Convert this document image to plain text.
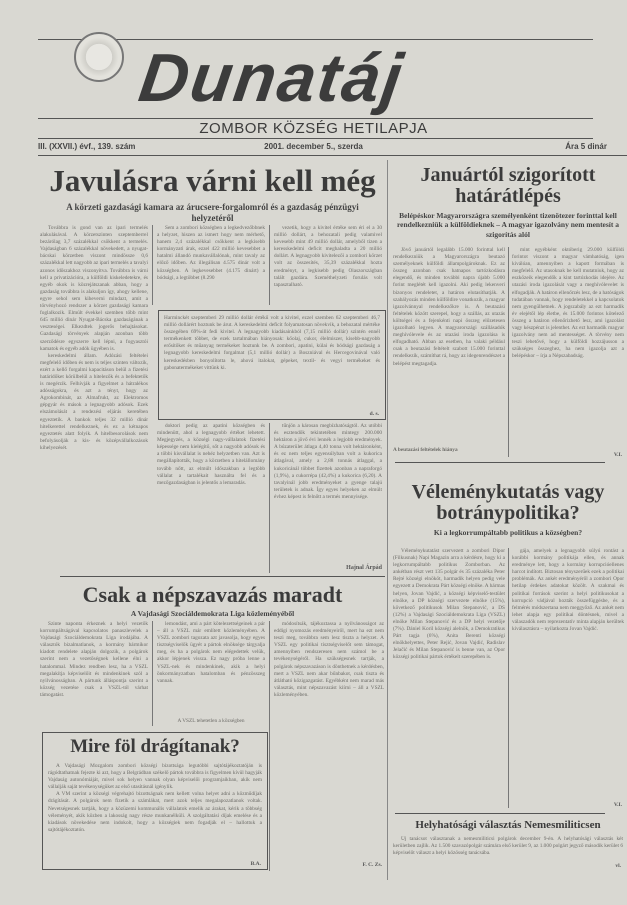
Dunatáj
ZOMBOR KÖZSÉG HETILAPJA
III. (XXVII.) évf., 139. szám	2001. december 5., szerda	Ára 5 dinár
Javulásra várni kell még
A körzeti gazdasági kamara az árucsere-forgalomról és a gazdaság pénzügyi helyzetéről

Továbbra is gond van az ipari termelés alakulásával. A körzetszinten szeptemberrel bezárólag 3,7 százalékkal csökkent a termelés. Vajdaságban 6 százalékkal növekedett, a nyugat-bácskai körzetben viszont mindössze 0,6 százalékkal lett nagyobb az ipari termelés a tavalyi azonos időszakhoz viszonyítva. Továbbra is várni kell a privatizációra, a külföldi kiskeledetekre, és egyéb okok is közrejátszanak abban, hogy a gazdaság továbbra is alakuljon így, ahogy kellene, egyre sehol sem kiheverni mindazt, amit a törvényhozó rendszer a körzet gazdasági kamara foglalkozik. Elmúlt évekkel szemben több mint 645 millió dinár Nyugat-Bácska gazdaságának a veszteségei. Elkezdtek jogerős behajtásokat. Gazdasági törvények alapján azonban több szerződésre egyszerre kell lépni, a fogyasztói kamatok és egyéb adók ügyében is.

kereskedelmi állam. Adózási feltételei megfelelő időben és nem is teljes szinten változik, ezért a kellő forgalmi kapacitáson belül a fizetési határidőket körülbelül a hitelezők és a befektetők is megérzik. Felhívják a figyelmet a hátralékos adósságokra, és azt a tényt, hogy az Agrokombinát, az Almafrukt, az Elektromos gépgyár és mások a legnagyobb adósok. Ezek elszámolását a rendezési eljárás keretében egyeztetik. A bankok teljes 32 millió dinár hitelkerettel rendelkeznek, és ez a kétnapos egyeztetés alatt folyik. A hitelbesorolások nem befolyásolják a kis- és középvállalkozások kihelyezését.

Sem a zombori községben a legkedvezőbbnek a helyzet, hiszen az ismert hogy nem mérhető, hanem 2,4 százalékkal csökkent a legkisebb kormányzati árak, ezzel 422 millió kevesebbet a hatalmi állandó munkavállalónak, mint tavaly az előző időben. Az illegálisan 4.575 dinár volt a községben. A legkevesebbet (4.175 dinárt) a bódsági, a legtöbbet (8.290

vezetik, hogy a kivitel értéke sem éri el a 30 millió dollárt, a behozatali pedig valamivel kevesebb mint 49 millió dollár, amelyből tizen a keresskedelmi deficit meghaladta a 20 millió dollárt. A legnagyobb kivitelezői a zombori körzet volt az összesítés, 35,39 százalékkal hozta eredményt, a legkisebb pedig Olaszországban talált gazdára. Szeméthelyzeti forulás volt tapasztalható.

Harminckét szeptemberi 29 millió dollár értékű volt a kivitel, ezzel szemben 62 szeptemberi 46,7 millió dollárért hoztunk be árut. A kereskedelmi deficit folyamatosan növekvik, a behozatal mértéke összegében 69%-át fedi kivitel. A legnagyobb kiadásainkból (7,15 millió dollár) szintén ennél termékenkett többet, de ezek tartalmában hiányosak: kőolaj, cukor, élelmiszer, kisebb-nagyobb erősítőket és műanyag termékeket hoztunk be. A zombori, apatini, kúlai és bódsági gazdaság a legnagyobb kereskedelmi forgalmat (5,1 millió dollár) a Boszniával és Hercegovinával való kereskedésben bonyolította le, ahová italokat, gépeket, textil- és vegyi termékeket és gabonatermékeket vittünk ki.
d. s.

doktori pedig az apatini községben és mindenütt, ahol a legnagyobb értéket lehetett. Megjegyzés, a községi nagy-vállalatok fizetési képessége nem kielégítő, sőt a nagyobb adósok és a többi kisvállalat is nehéz helyzetben van. Azt is megállapították, hogy a körzetben a hitelállomány tovább nőtt, az elmúlt időszakban a legtöbb vállalat a tartalékait használta fel és a mezőgazdaságban is jelentős a lemaradás.

tűnjön a károsan megbízhatóságtól. Az utóbbi és esztendők tekintetében mintegy 200.000 hektáron a jövő évi lennék a legjobb eredmények. A búzaterület átlaga 4,40 tonna volt hektáronként, és ez nem teljes egyensúlyban volt a kukorica átlagával, amely a 2,88 tonnás átlaggal, a kukoricánál többet fizettek azonban a napraforgó (1,9%), a cukorrépa (42,4%) a kukorica (6,20). A tavalyinál jobb eredményeket a gyenge talajú területek is adnak. Így egyes helyeken az elmúlt évhez képest is felnőtt a termés mennyisége.

Hajnal Árpád
Januártól szigorított határátlépés
Belépéskor Magyarországra személyenként tizenötezer forinttal kell rendelkezniük a külföldieknek – A magyar igazolvány nem mentesít a szigorítás alól

Jövő januártól legalább 15.000 forinttal kell rendelkezniük a Magyarországra beutazó személyeknek külföldi állampolgároknak. Ez az összeg azonban csak hatnapos tartózkodásra elegendő, és minden további napra újabb 5.000 forint meglétét kell igazolni. Aki pedig lekenveri bizonyos rendeletet, a határon elutasíthatják. A szabályozás minden külföldire vonatkozik, a magyar igazolvánnyal rendelkezőkre is. A beutazási feltételek között szerepel, hogy a szállás, az utazás költségei és a fejenkénti napi összeg előzetesen igazolható legyen. A magyarországi szállásadók meghívólevele és az utazási iroda igazolása is elfogadható. Abban az esetben, ha valaki például csak a beutazási feltételt szabott 15.000 forinttal rendelkezik, számíthat rá, hogy az idegenrendészet a belépést megtagadja.

A beutazási feltételek hiánya

mint egyébként októberig 29.000 külföldi forintot viszont a magyar vámhatóság, igen kiválóan, amennyiben a kapott formában is megfelelő. Az utasoknak be kell mutatniuk, hogy az eszközeik elegendők a kint tartózkodás idejére. Az utazási iroda igazolását vagy a meghívólevelet is elfogadják. A határon ellenőrzés lesz, de a hatóságok tudatában vannak, hogy rendeletekkel a kapcsolatok nem gyengülhetnek. A jogszabály az ezt harmadik év elejétől lép életbe, és 15.000 forintos kötelező összeg a határon ellenőrizhető lesz, ami igazolást vagy készpénzt is jelenthet. Az ezt harmadik magyar igazolvány nem ad mentességet. A törvény nem teszi lehetővé, hogy a külföldi hozzájusson a szükséges összeghez, ha nem igazolja azt a belépéskor – írja a Népszabadság.

V.I.
Véleménykutatás vagy botránypolitika?
Ki a legkorrumpáltabb politikus a községben?

Véleménykutatást szervezett a zombori Dipor (Filkusnak) Napi Magazin arra a kérdésre, hogy ki a legkorrumpáltabb politikus Zomborban. Az ankétban részt vett 135 polgár és 35 százaléka Peter Rejté községi elnököt, harmadik helyen pedig vele egyezett a Demokrata Párt községi elnöke. A hármas helyen, Jovan Vajdić, a községi képviselő-testület elnöke, a DP községi szervezete elnöke (15%), következő politikusok Milan Stepanović, a DS (12%) a Vajdasági Szociáldemokrata Liga (VSZL) elnöke Milan Stepanović és a DP helyi vezetője (7%). Dániel Koril községi alelnök, a Demokratikus Párt tagja (6%), Anita Berenti községi elnökhelyettes, Peter Rejić, Jovan Vajdić, Radislav Jelačić és Milan Stepanović is benne van, az Opor községi politikai pártok értékelt szerepében is.

gája, amelyek a legnagyobb súlyú rontást a korábbi kormány politikája ellen, és annak eredménye lett, hogy a kormány korrupcióellenes harcot indított. Biztosan tényszerűek ezek a politikai problémák. Az ankét eredményéről a zombori Opor hetilap érdekes adatokat közölt. A szakmai és politikai források szerint a helyi politikusokat a korrupció vádjával hozták összefüggésbe, és a felmérés módszertana nem meggyőző. Az ankét nem lehet alapja egy politikai döntésnek, mivel a válaszadók nem reprezentatív minta alapján kerültek kiválasztásra – nyilatkozta Jovan Vajdić.

V.I.
Helyhatósági választás Nemesmiliticsen

Új tanácsot választanak a nemesmiliticsi polgárok december 9-én. A helyhatósági választás két kerületben zajlik. Az 1.500 szavazópolgár számára első kerület 9, az 1.000 polgárt jegyző második kerület 6 képviselőt választ a helyi közösség tanácsába.

vl.
Csak a népszavazás maradt
A Vajdasági Szociáldemokrata Liga közleményéből

Szinte naponta érkeznek a helyi vezetők korrumpáltságával kapcsolatos panaszlevelek a Vajdasági Szociáldemokrata Liga irodájába. A választók bizalmatlanok, a kormány bármikor kiadott rendelete alapján dolgozik, a polgárok szerint nem a vezetőségnek kellene élni a hatalommal. Mindez rendben lesz, ha a VSZL megalakítja képviselőit és mindenkinek szól a nyilvánosságban. A pártunk álláspontja szerint a község vezetése csak a VSZL-tól várhat támogatást.

lemondást, ami a párt kötelezettségeinek a pár – áll a VSZL már említett közleményében. A VSZL zombori tagozata azt javasolja, hogy egyes tisztségviselők ügyét a pártok elnöksége tárgyalja meg, és ha a polgárok nem elégedettek velük, akkor lépjenek vissza. Ez nagy próba lenne a VSZL-nek és mindenkinek, akik a helyi önkormányzatban hatalomban és pénzösszeg vannak.

A VSZL tehetetlen a községben

módosítsák, tájékoztassa a nyilvánosságot az eddigi nyomozás eredményeiről, mert ha ezt nem teszi meg, továbbra sem lesz tiszta a helyzet. A VSZL egy politikai tisztségviselőt sem támogat, amennyiben rendszeresen nem számol be a tevékenységéről. Ha szükségesnek tartják, a polgárok népszavazáson is dönthetnek a kérdésben, mert a VSZL nem akar bűnbakot, csak tiszta és átlátható közigazgatást. Egyébként nem marad más választás, mint népszavazást kiírni – áll a VSZL közleményében.

F. C. Zs.
Mire föl drágítanak?

A Vajdasági Mozgalom zombori községi bizottsága legutóbbi sajtótájékoztatóján is rágódtathatnak fejezte ki azt, hogy a Belgrádban székelő pártok továbbra is figyelmen kívül hagyják Vajdaság autonómiáját, mivel sok helyen vannak olyan képviselői programjaikban, akik nem vállalják saját tevékenységüket az első utasításnál igénylik.

A VM szerint a községi végrehajtó bizottságnak nem kellett volna helyet adni a közműdíjak drágítását. A polgárok nem fizetik a számlákat, mert azok teljes megalapozatlanok voltak. Nevetségesnek tartják, hogy a közüzemi kommunális vállalatok emelik az árakat, kérik a többség véleményét, akik közben a lakosság nagy része munkanélküli. A szolgáltatási díjak emelése és a kiadások növekedése nem indokolt, hogy a községiek nem fogadják el – hallottuk a sajtótájékoztatón.

B.A.
